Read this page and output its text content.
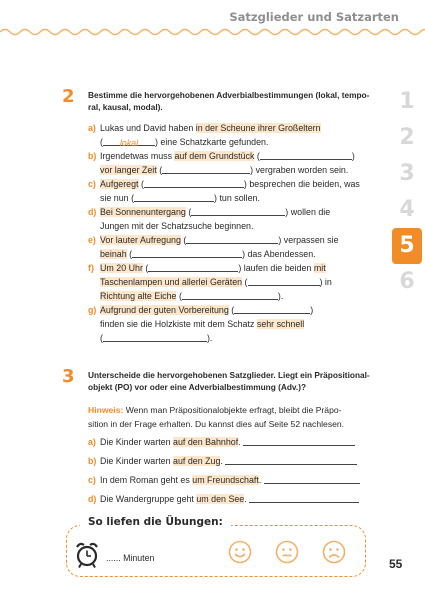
Satzglieder und Satzarten
1
2
3
4
5
6
2 Bestimme die hervorgehobenen Adverbialbestimmungen (lokal, tempo-
ral, kausal, modal).
a) Lukas und David haben in der Scheune ihrer Großeltern
( lokal ) eine Schatzkarte gefunden.
b) Irgendetwas muss auf dem Grundstück (	)
vor langer Zeit (	) vergraben worden sein.
c) Aufgeregt (	) besprechen die beiden, was
sie nun (	) tun sollen.
d) Bei Sonnenuntergang (	) wollen die
Jungen mit der Schatzsuche beginnen.
e) Vor lauter Aufregung (	) verpassen sie
beinah (	) das Abendessen.
f) Um 20 Uhr (	) laufen die beiden mit
Taschenlampen und allerlei Geräten (	) in
Richtung alte Eiche (	).
g) Aufgrund der guten Vorbereitung (	)
finden sie die Holzkiste mit dem Schatz sehr schnell
(	).
3 Unterscheide die hervorgehobenen Satzglieder. Liegt ein Präpositional-
objekt (PO) vor oder eine Adverbialbestimmung (Adv.)?
Hinweis: Wenn man Präpositionalobjekte erfragt, bleibt die Präpo-
sition in der Frage erhalten. Du kannst dies auf Seite 52 nachlesen.
a) Die Kinder warten auf den Bahnhof.
b) Die Kinder warten auf den Zug.
c) In dem Roman geht es um Freundschaft.
d) Die Wandergruppe geht um den See.
So liefen die Übungen:
...... Minuten	55
